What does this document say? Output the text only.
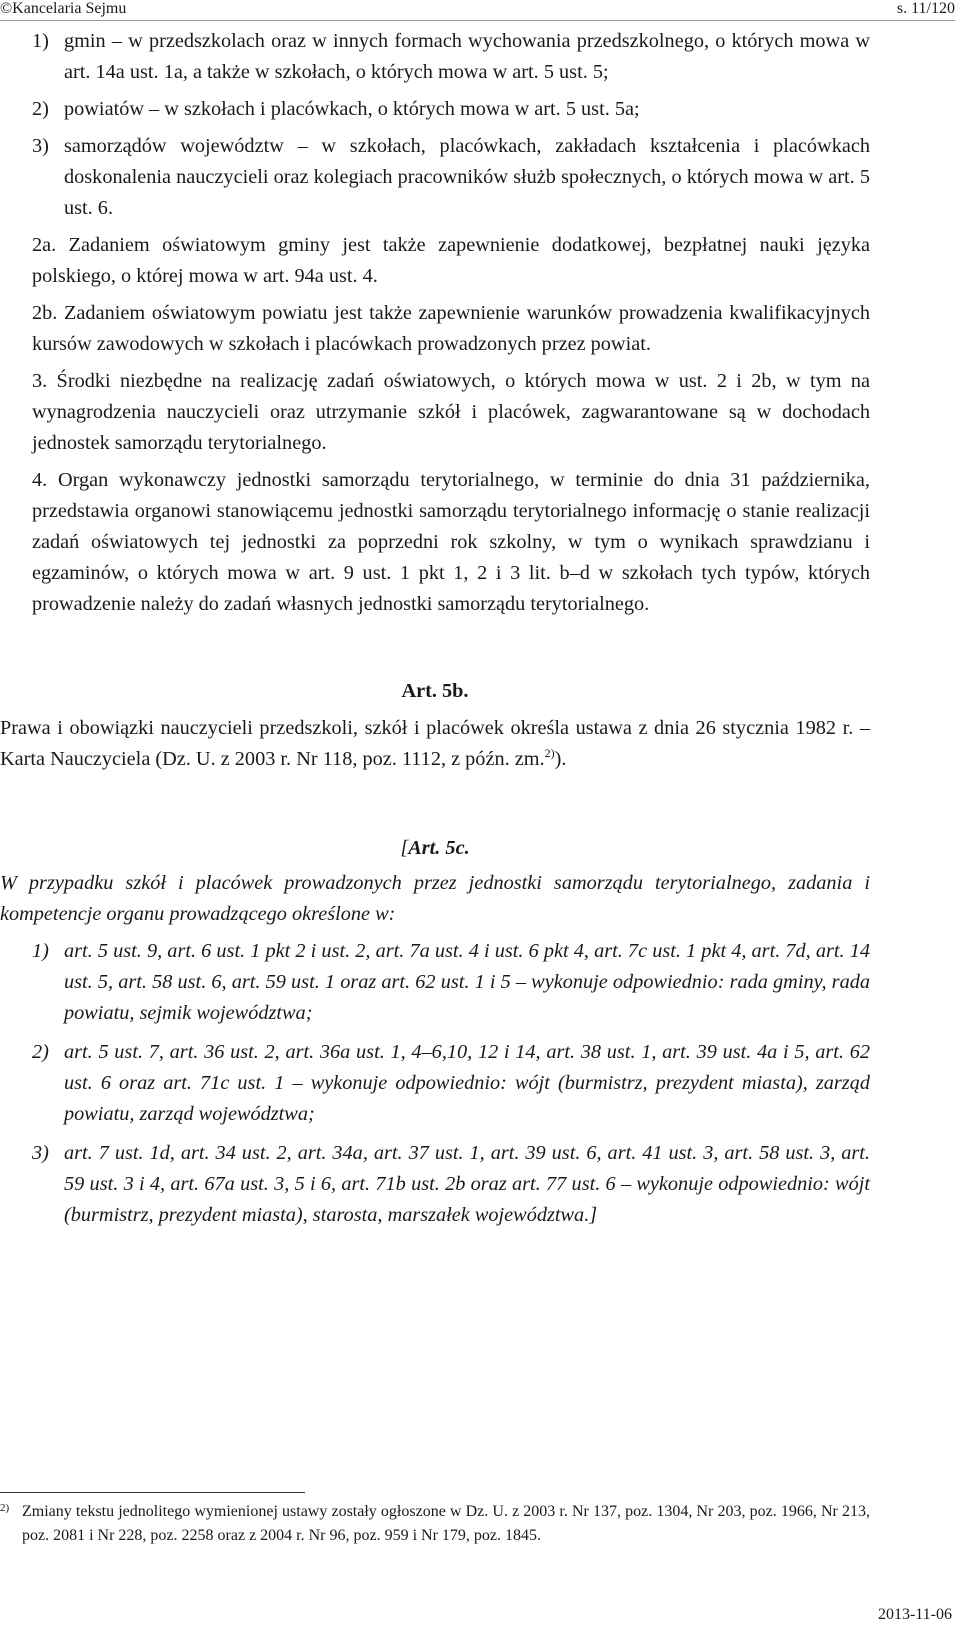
©Kancelaria Sejmu	s. 11/120
1) gmin – w przedszkolach oraz w innych formach wychowania przedszkolnego, o których mowa w art. 14a ust. 1a, a także w szkołach, o których mowa w art. 5 ust. 5;
2) powiatów – w szkołach i placówkach, o których mowa w art. 5 ust. 5a;
3) samorządów województw – w szkołach, placówkach, zakładach kształcenia i placówkach doskonalenia nauczycieli oraz kolegiach pracowników służb społecznych, o których mowa w art. 5 ust. 6.
2a. Zadaniem oświatowym gminy jest także zapewnienie dodatkowej, bezpłatnej nauki języka polskiego, o której mowa w art. 94a ust. 4.
2b. Zadaniem oświatowym powiatu jest także zapewnienie warunków prowadzenia kwalifikacyjnych kursów zawodowych w szkołach i placówkach prowadzonych przez powiat.
3. Środki niezbędne na realizację zadań oświatowych, o których mowa w ust. 2 i 2b, w tym na wynagrodzenia nauczycieli oraz utrzymanie szkół i placówek, zagwarantowane są w dochodach jednostek samorządu terytorialnego.
4. Organ wykonawczy jednostki samorządu terytorialnego, w terminie do dnia 31 października, przedstawia organowi stanowiącemu jednostki samorządu terytorialnego informację o stanie realizacji zadań oświatowych tej jednostki za poprzedni rok szkolny, w tym o wynikach sprawdzianu i egzaminów, o których mowa w art. 9 ust. 1 pkt 1, 2 i 3 lit. b–d w szkołach tych typów, których prowadzenie należy do zadań własnych jednostki samorządu terytorialnego.
Art. 5b.
Prawa i obowiązki nauczycieli przedszkoli, szkół i placówek określa ustawa z dnia 26 stycznia 1982 r. – Karta Nauczyciela (Dz. U. z 2003 r. Nr 118, poz. 1112, z późn. zm.$^{2)}$).
[Art. 5c.
W przypadku szkół i placówek prowadzonych przez jednostki samorządu terytorialnego, zadania i kompetencje organu prowadzącego określone w:
1) art. 5 ust. 9, art. 6 ust. 1 pkt 2 i ust. 2, art. 7a ust. 4 i ust. 6 pkt 4, art. 7c ust. 1 pkt 4, art. 7d, art. 14 ust. 5, art. 58 ust. 6, art. 59 ust. 1 oraz art. 62 ust. 1 i 5 – wykonuje odpowiednio: rada gminy, rada powiatu, sejmik województwa;
2) art. 5 ust. 7, art. 36 ust. 2, art. 36a ust. 1, 4–6,10, 12 i 14, art. 38 ust. 1, art. 39 ust. 4a i 5, art. 62 ust. 6 oraz art. 71c ust. 1 – wykonuje odpowiednio: wójt (burmistrz, prezydent miasta), zarząd powiatu, zarząd województwa;
3) art. 7 ust. 1d, art. 34 ust. 2, art. 34a, art. 37 ust. 1, art. 39 ust. 6, art. 41 ust. 3, art. 58 ust. 3, art. 59 ust. 3 i 4, art. 67a ust. 3, 5 i 6, art. 71b ust. 2b oraz art. 77 ust. 6 – wykonuje odpowiednio: wójt (burmistrz, prezydent miasta), starosta, marszałek województwa.]
2) Zmiany tekstu jednolitego wymienionej ustawy zostały ogłoszone w Dz. U. z 2003 r. Nr 137, poz. 1304, Nr 203, poz. 1966, Nr 213, poz. 2081 i Nr 228, poz. 2258 oraz z 2004 r. Nr 96, poz. 959 i Nr 179, poz. 1845.
2013-11-06
